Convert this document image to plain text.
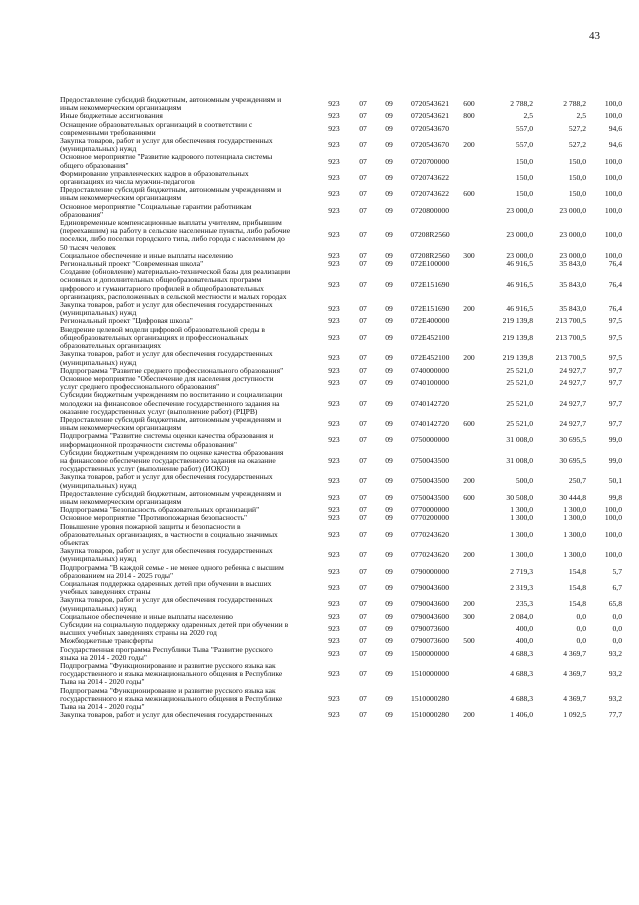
43
Предоставление субсидий бюджетным, автономным учреждениям и
иным некоммерческим организациям	923	07	09	0720543621	600	2 788,2	2 788,2	100,0

Иные бюджетные ассигнования	923	07	09	0720543621	800	2,5	2,5	100,0

Оснащение образовательных организаций в соответствии с
современными требованиями	923	07	09	0720543670		557,0	527,2	94,6

Закупка товаров, работ и услуг для обеспечения государственных
(муниципальных) нужд	923	07	09	0720543670	200	557,0	527,2	94,6

Основное мероприятие "Развитие кадрового потенциала системы
общего образования"	923	07	09	0720700000		150,0	150,0	100,0

Формирование управленческих кадров в образовательных
организациях из числа мужчин-педагогов	923	07	09	0720743622		150,0	150,0	100,0

Предоставление субсидий бюджетным, автономным учреждениям и
иным некоммерческим организациям	923	07	09	0720743622	600	150,0	150,0	100,0

Основное мероприятие "Социальные гарантии работникам
образования"	923	07	09	0720800000		23 000,0	23 000,0	100,0

Единовременные компенсационные выплаты учителям, прибывшим
(переехавшим) на работу в сельские населенные пункты, либо рабочие
поселки, либо поселки городского типа, либо города с населением до
50 тысяч человек	923	07	09	07208R2560		23 000,0	23 000,0	100,0

Социальное обеспечение и иные выплаты населению	923	07	09	07208R2560	300	23 000,0	23 000,0	100,0

Региональный проект "Современная школа"	923	07	09	072E100000		46 916,5	35 843,0	76,4

Создание (обновление) материально-технической базы для реализации
основных и дополнительных общеобразовательных программ
цифрового и гуманитарного профилей в общеобразовательных
организациях, расположенных в сельской местности и малых городах	923	07	09	072E151690		46 916,5	35 843,0	76,4

Закупка товаров, работ и услуг для обеспечения государственных
(муниципальных) нужд	923	07	09	072E151690	200	46 916,5	35 843,0	76,4

Региональный проект "Цифровая школа"	923	07	09	072E400000		219 139,8	213 700,5	97,5

Внедрение целевой модели цифровой образовательной среды в
общеобразовательных организациях и профессиональных
образовательных организациях	923	07	09	072E452100		219 139,8	213 700,5	97,5

Закупка товаров, работ и услуг для обеспечения государственных
(муниципальных) нужд	923	07	09	072E452100	200	219 139,8	213 700,5	97,5

Подпрограмма "Развитие среднего профессионального образования"	923	07	09	0740000000		25 521,0	24 927,7	97,7

Основное мероприятие "Обеспечение для населения доступности
услуг среднего профессионального образования"	923	07	09	0740100000		25 521,0	24 927,7	97,7

Субсидии бюджетным учреждениям по воспитанию и социализации
молодежи на финансовое обеспечение государственного задания на
оказание государственных услуг (выполнение работ) (РЦРВ)	923	07	09	0740142720		25 521,0	24 927,7	97,7

Предоставление субсидий бюджетным, автономным учреждениям и
иным некоммерческим организациям	923	07	09	0740142720	600	25 521,0	24 927,7	97,7

Подпрограмма "Развитие системы оценки качества образования и
информационной прозрачности системы образования"	923	07	09	0750000000		31 008,0	30 695,5	99,0

Субсидии бюджетным учреждениям по оценке качества образования
на финансовое обеспечение государственного задания на оказание
государственных услуг (выполнение работ) (ИОКО)	923	07	09	0750043500		31 008,0	30 695,5	99,0

Закупка товаров, работ и услуг для обеспечения государственных
(муниципальных) нужд	923	07	09	0750043500	200	500,0	250,7	50,1

Предоставление субсидий бюджетным, автономным учреждениям и
иным некоммерческим организациям	923	07	09	0750043500	600	30 508,0	30 444,8	99,8

Подпрограмма "Безопасность образовательных организаций"	923	07	09	0770000000		1 300,0	1 300,0	100,0

Основное мероприятие "Противопожарная безопасность"	923	07	09	0770200000		1 300,0	1 300,0	100,0

Повышение уровня пожарной защиты и безопасности в
образовательных организациях, в частности в социально значимых
объектах	923	07	09	0770243620		1 300,0	1 300,0	100,0

Закупка товаров, работ и услуг для обеспечения государственных
(муниципальных) нужд	923	07	09	0770243620	200	1 300,0	1 300,0	100,0

Подпрограмма "В каждой семье - не менее одного ребенка с высшим
образованием на 2014 - 2025 годы"	923	07	09	0790000000		2 719,3	154,8	5,7

Социальная поддержка одаренных детей при обучении в высших
учебных заведениях страны	923	07	09	0790043600		2 319,3	154,8	6,7

Закупка товаров, работ и услуг для обеспечения государственных
(муниципальных) нужд	923	07	09	0790043600	200	235,3	154,8	65,8

Социальное обеспечение и иные выплаты населению	923	07	09	0790043600	300	2 084,0	0,0	0,0

Субсидии на социальную поддержку одаренных детей при обучении в
высших учебных заведениях страны на 2020 год	923	07	09	0790073600		400,0	0,0	0,0

Межбюджетные трансферты	923	07	09	0790073600	500	400,0	0,0	0,0

Государственная программа Республики Тыва "Развитие русского
языка на 2014 - 2020 годы"	923	07	09	1500000000		4 688,3	4 369,7	93,2

Подпрограмма "Функционирование и развитие русского языка как
государственного и языка межнационального общения в Республике
Тыва на 2014 - 2020 годы"	923	07	09	1510000000		4 688,3	4 369,7	93,2

Подпрограмма "Функционирование и развитие русского языка как
государственного и языка межнационального общения в Республике
Тыва на 2014 - 2020 годы"	923	07	09	1510000280		4 688,3	4 369,7	93,2

Закупка товаров, работ и услуг для обеспечения государственных	923	07	09	1510000280	200	1 406,0	1 092,5	77,7
